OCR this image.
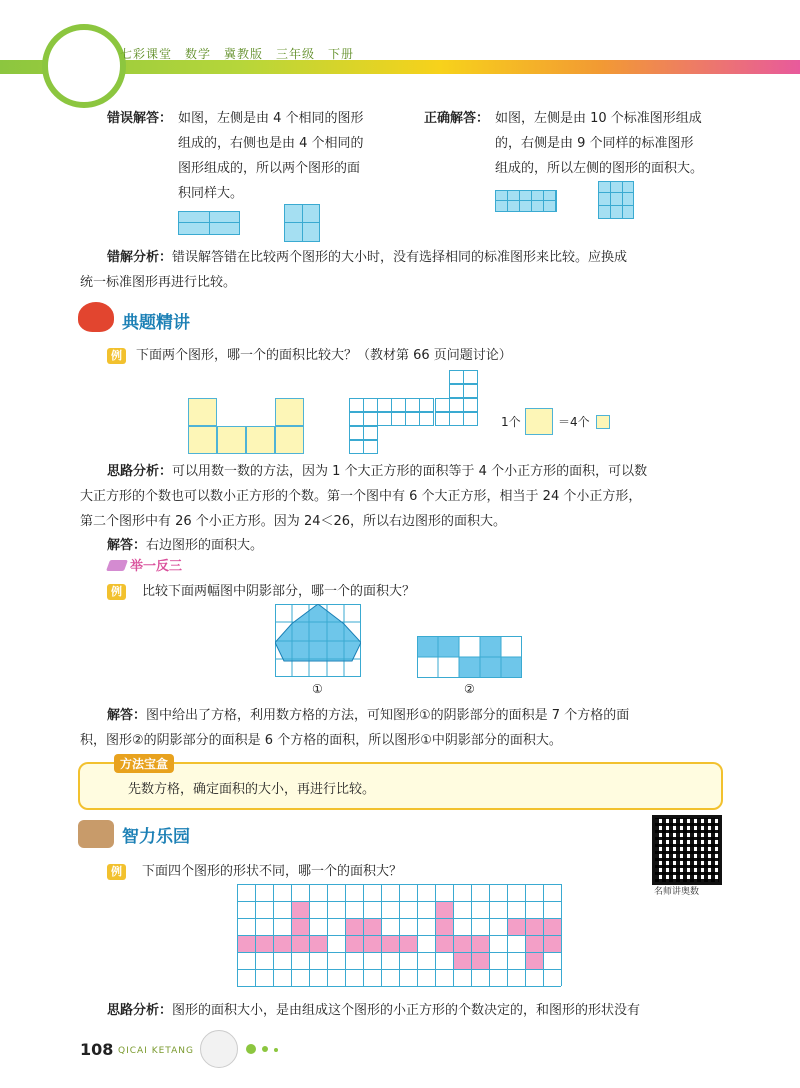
七彩课堂　数学　冀教版　三年级　下册
错误解答： 如图，左侧是由 4 个相同的图形
组成的，右侧也是由 4 个相同的
图形组成的，所以两个图形的面
积同样大。
正确解答： 如图，左侧是由 10 个标准图形组成
的，右侧是由 9 个同样的标准图形
组成的，所以左侧的图形的面积大。
错解分析：错误解答错在比较两个图形的大小时，没有选择相同的标准图形来比较。应换成
统一标准图形再进行比较。
典题精讲
例	下面两个图形，哪一个的面积比较大？（教材第 66 页问题讨论）
1个	＝4个
思路分析：可以用数一数的方法，因为 1 个大正方形的面积等于 4 个小正方形的面积，可以数
大正方形的个数也可以数小正方形的个数。第一个图中有 6 个大正方形，相当于 24 个小正方形，
第二个图形中有 26 个小正方形。因为 24＜26，所以右边图形的面积大。
解答：右边图形的面积大。
举一反三
例	比较下面两幅图中阴影部分，哪一个的面积大？
①	②
解答：图中给出了方格，利用数方格的方法，可知图形①的阴影部分的面积是 7 个方格的面
积，图形②的阴影部分的面积是 6 个方格的面积，所以图形①中阴影部分的面积大。
方法宝盒
先数方格，确定面积的大小，再进行比较。
智力乐园
名师讲奥数
例	下面四个图形的形状不同，哪一个的面积大？
思路分析：图形的面积大小，是由组成这个图形的小正方形的个数决定的，和图形的形状没有
108 QICAI KETANG
